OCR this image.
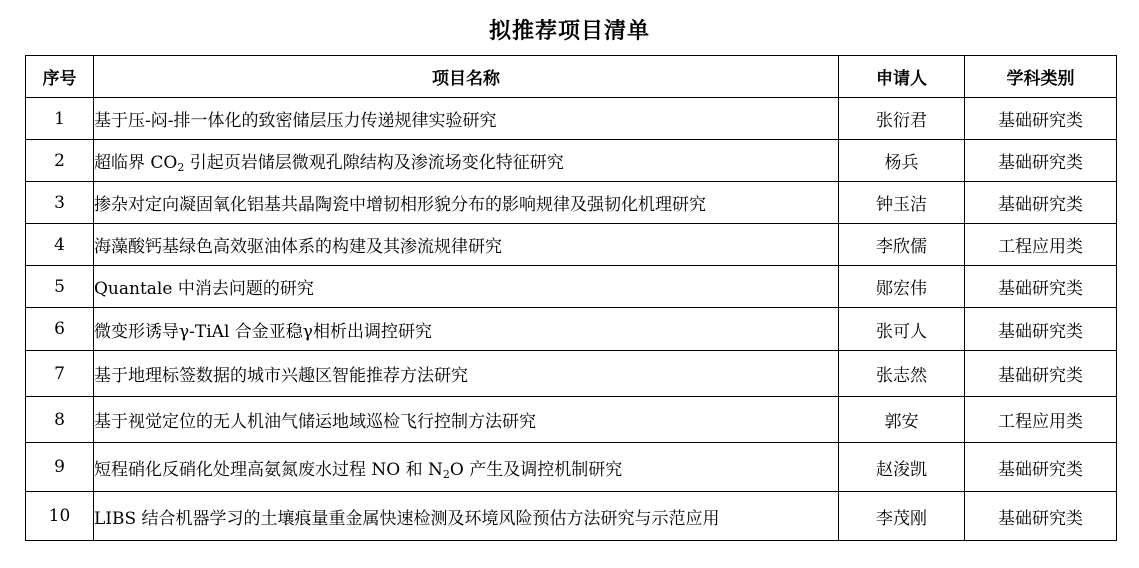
拟推荐项目清单
序号	项目名称	申请人	学科类别
1	基于压-闷-排一体化的致密储层压力传递规律实验研究	张衍君	基础研究类
2	超临界 $CO_2$ 引起页岩储层微观孔隙结构及渗流场变化特征研究	杨兵	基础研究类
3	掺杂对定向凝固氧化铝基共晶陶瓷中增韧相形貌分布的影响规律及强韧化机理研究	钟玉洁	基础研究类
4	海藻酸钙基绿色高效驱油体系的构建及其渗流规律研究	李欣儒	工程应用类
5	Quantale 中消去问题的研究	郧宏伟	基础研究类
6	微变形诱导γ-TiAl 合金亚稳γ相析出调控研究	张可人	基础研究类
7	基于地理标签数据的城市兴趣区智能推荐方法研究	张志然	基础研究类
8	基于视觉定位的无人机油气储运地域巡检飞行控制方法研究	郭安	工程应用类
9	短程硝化反硝化处理高氨氮废水过程 NO 和 $N_2O$ 产生及调控机制研究	赵浚凯	基础研究类
10	LIBS 结合机器学习的土壤痕量重金属快速检测及环境风险预估方法研究与示范应用	李茂刚	基础研究类
